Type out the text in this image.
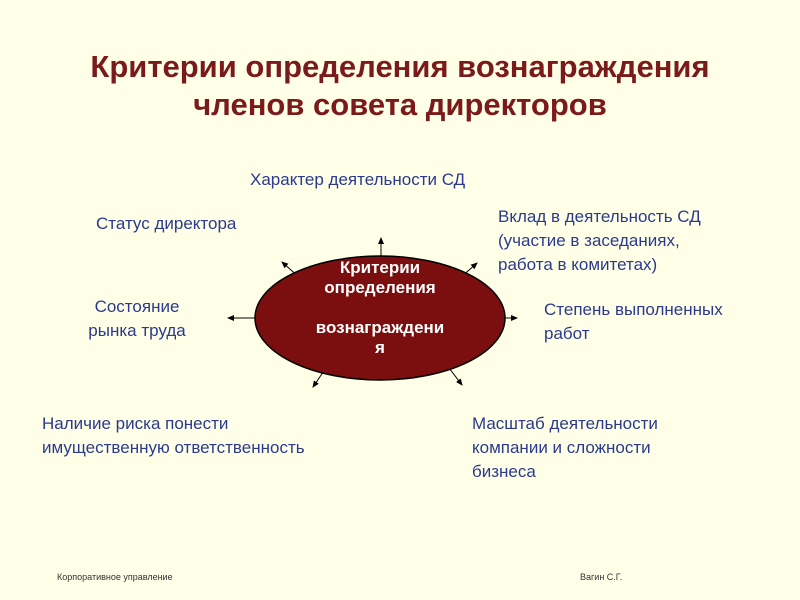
Критерии определения вознаграждения
членов совета директоров
Критерии
определения
вознаграждени
я
Характер деятельности СД
Статус директора	Вклад в деятельность СД
(участие в заседаниях,
работа в комитетах)
Состояние
рынка труда
Степень выполненных
работ
Наличие риска понести
имущественную ответственность
Масштаб деятельности
компании и сложности
бизнеса
Корпоративное управление	Вагин С.Г.
